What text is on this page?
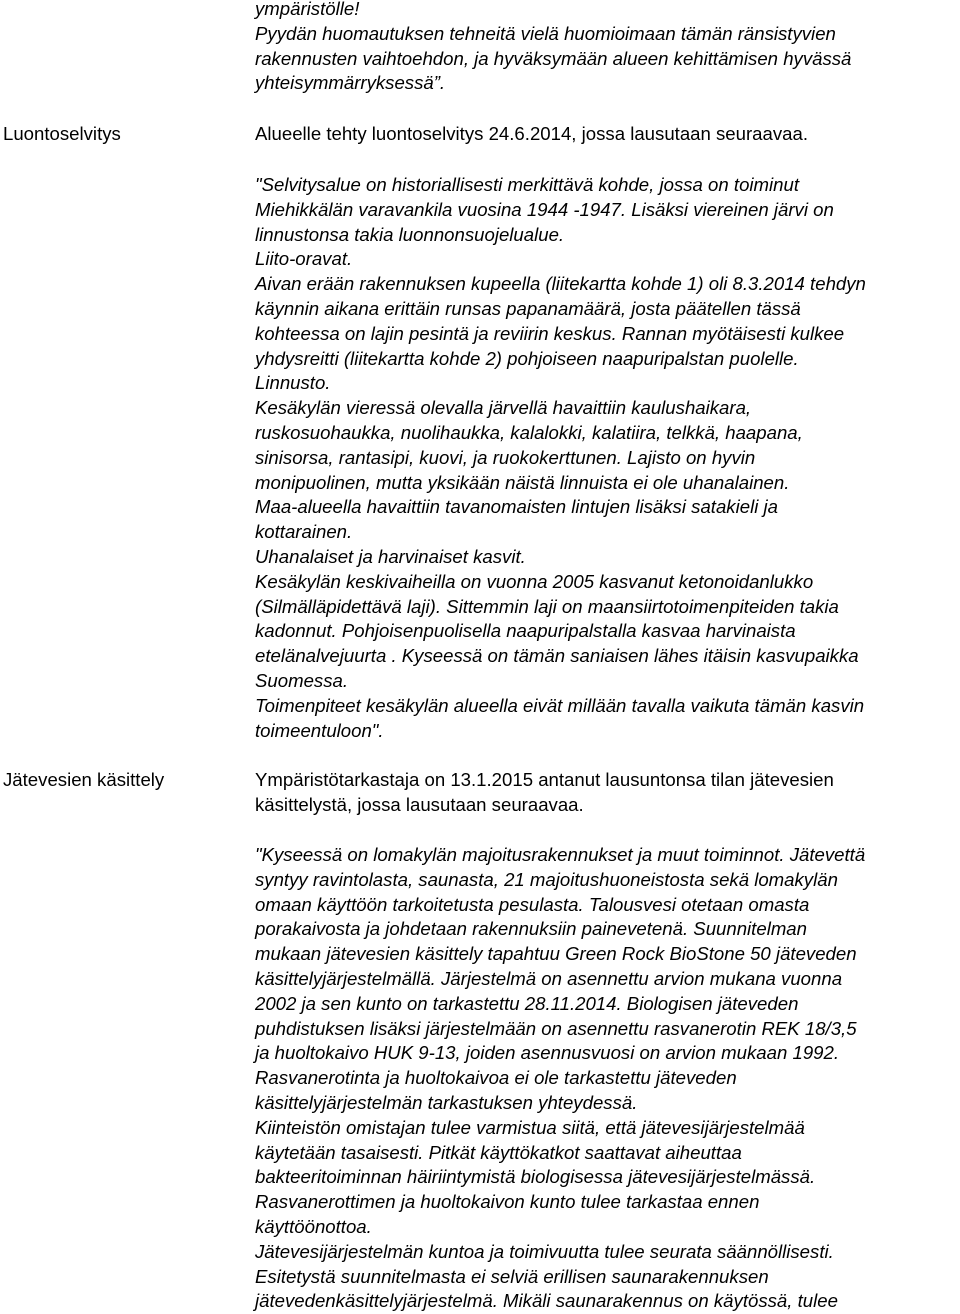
ympäristölle!
Pyydän huomautuksen tehneitä vielä huomioimaan tämän ränsistyvien
rakennusten vaihtoehdon, ja hyväksymään alueen kehittämisen hyvässä
yhteisymmärryksessä”.
Luontoselvitys	Alueelle tehty luontoselvitys 24.6.2014, jossa lausutaan seuraavaa.
"Selvitysalue on historiallisesti merkittävä kohde, jossa on toiminut
Miehikkälän varavankila vuosina 1944 -1947. Lisäksi viereinen järvi on
linnustonsa takia luonnonsuojelualue.
Liito-oravat.
Aivan erään rakennuksen kupeella (liitekartta kohde 1) oli 8.3.2014 tehdyn
käynnin aikana erittäin runsas papanamäärä, josta päätellen tässä
kohteessa on lajin pesintä ja reviirin keskus. Rannan myötäisesti kulkee
yhdysreitti (liitekartta kohde 2) pohjoiseen naapuripalstan puolelle.
Linnusto.
Kesäkylän vieressä olevalla järvellä havaittiin kaulushaikara,
ruskosuohaukka, nuolihaukka, kalalokki, kalatiira, telkkä, haapana,
sinisorsa, rantasipi, kuovi, ja ruokokerttunen. Lajisto on hyvin
monipuolinen, mutta yksikään näistä linnuista ei ole uhanalainen.
Maa-alueella havaittiin tavanomaisten lintujen lisäksi satakieli ja
kottarainen.
Uhanalaiset ja harvinaiset kasvit.
Kesäkylän keskivaiheilla on vuonna 2005 kasvanut ketonoidanlukko
(Silmälläpidettävä laji). Sittemmin laji on maansiirtotoimenpiteiden takia
kadonnut. Pohjoisenpuolisella naapuripalstalla kasvaa harvinaista
etelänalvejuurta . Kyseessä on tämän saniaisen lähes itäisin kasvupaikka
Suomessa.
Toimenpiteet kesäkylän alueella eivät millään tavalla vaikuta tämän kasvin
toimeentuloon".
Jätevesien käsittely	Ympäristötarkastaja on 13.1.2015 antanut lausuntonsa tilan jätevesien
käsittelystä, jossa lausutaan seuraavaa.
"Kyseessä on lomakylän majoitusrakennukset ja muut toiminnot. Jätevettä
syntyy ravintolasta, saunasta, 21 majoitushuoneistosta sekä lomakylän
omaan käyttöön tarkoitetusta pesulasta. Talousvesi otetaan omasta
porakaivosta ja johdetaan rakennuksiin painevetenä. Suunnitelman
mukaan jätevesien käsittely tapahtuu Green Rock BioStone 50 jäteveden
käsittelyjärjestelmällä. Järjestelmä on asennettu arvion mukana vuonna
2002 ja sen kunto on tarkastettu 28.11.2014. Biologisen jäteveden
puhdistuksen lisäksi järjestelmään on asennettu rasvanerotin REK 18/3,5
ja huoltokaivo HUK 9-13, joiden asennusvuosi on arvion mukaan 1992.
Rasvanerotinta ja huoltokaivoa ei ole tarkastettu jäteveden
käsittelyjärjestelmän tarkastuksen yhteydessä.
Kiinteistön omistajan tulee varmistua siitä, että jätevesijärjestelmää
käytetään tasaisesti. Pitkät käyttökatkot saattavat aiheuttaa
bakteeritoiminnan häiriintymistä biologisessa jätevesijärjestelmässä.
Rasvanerottimen ja huoltokaivon kunto tulee tarkastaa ennen
käyttöönottoa.
Jätevesijärjestelmän kuntoa ja toimivuutta tulee seurata säännöllisesti.
Esitetystä suunnitelmasta ei selviä erillisen saunarakennuksen
jätevedenkäsittelyjärjestelmä. Mikäli saunarakennus on käytössä, tulee
